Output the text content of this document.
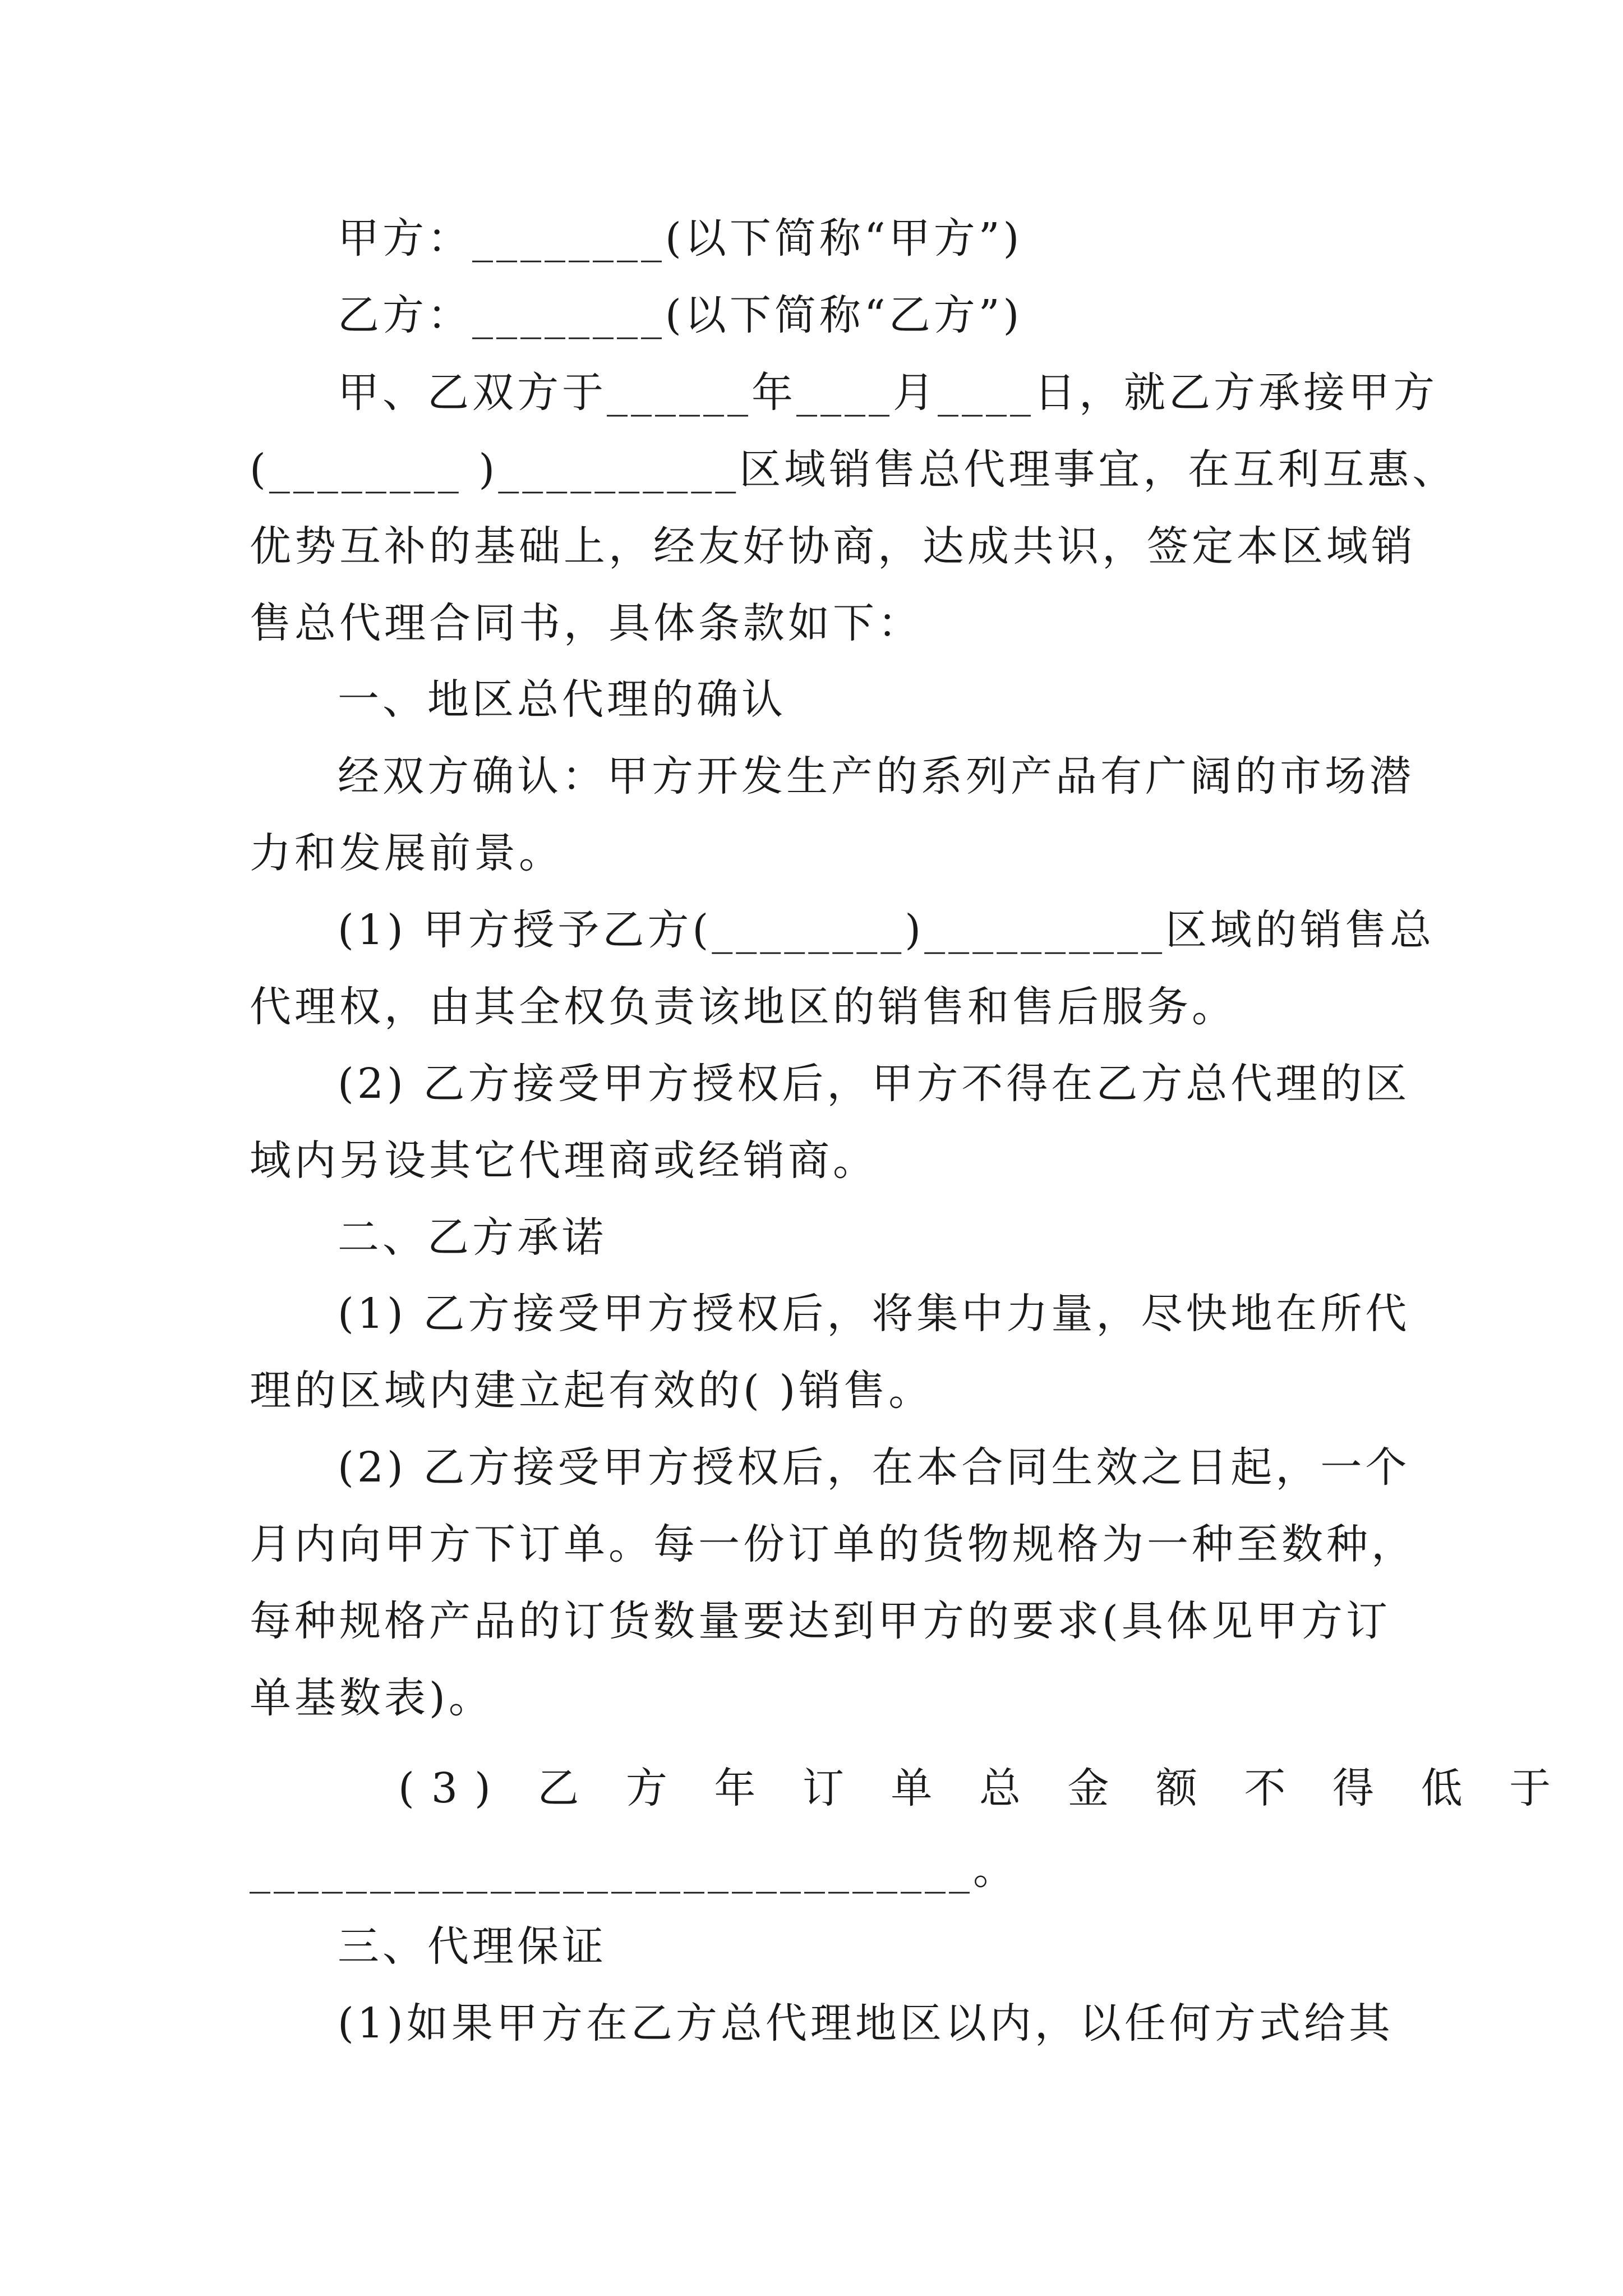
甲方：________(以下简称“甲方”)
乙方：________(以下简称“乙方”)
甲、乙双方于______年____月____日，就乙方承接甲方
(________ )__________区域销售总代理事宜，在互利互惠、
优势互补的基础上，经友好协商，达成共识，签定本区域销
售总代理合同书，具体条款如下：
一、地区总代理的确认
经双方确认：甲方开发生产的系列产品有广阔的市场潜
力和发展前景。
(1) 甲方授予乙方(________)__________区域的销售总
代理权，由其全权负责该地区的销售和售后服务。
(2) 乙方接受甲方授权后，甲方不得在乙方总代理的区
域内另设其它代理商或经销商。
二、乙方承诺
(1) 乙方接受甲方授权后，将集中力量，尽快地在所代
理的区域内建立起有效的( )销售。
(2) 乙方接受甲方授权后，在本合同生效之日起，一个
月内向甲方下订单。每一份订单的货物规格为一种至数种，
每种规格产品的订货数量要达到甲方的要求(具体见甲方订
单基数表)。
(3) 乙 方 年 订 单 总 金 额 不 得 低 于
______________________________。
三、代理保证
(1)如果甲方在乙方总代理地区以内，以任何方式给其
